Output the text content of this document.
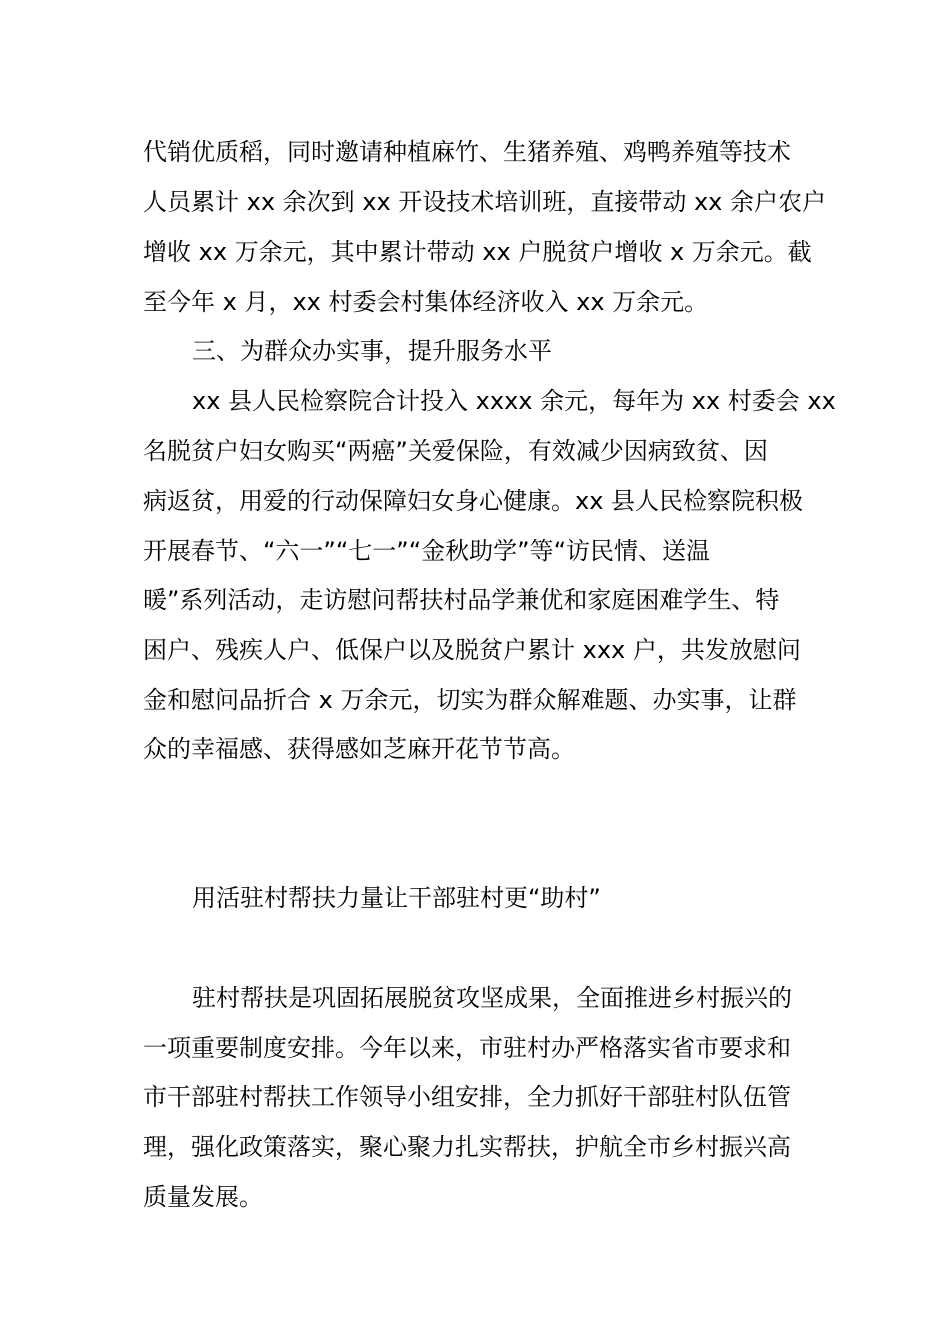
代销优质稻，同时邀请种植麻竹、生猪养殖、鸡鸭养殖等技术
人员累计 xx 余次到 xx 开设技术培训班，直接带动 xx 余户农户
增收 xx 万余元，其中累计带动 xx 户脱贫户增收 x 万余元。截
至今年 x 月，xx 村委会村集体经济收入 xx 万余元。
三、为群众办实事，提升服务水平
xx 县人民检察院合计投入 xxxx 余元，每年为 xx 村委会 xx
名脱贫户妇女购买“两癌”关爱保险，有效减少因病致贫、因
病返贫，用爱的行动保障妇女身心健康。xx 县人民检察院积极
开展春节、“六一”“七一”“金秋助学”等“访民情、送温
暖”系列活动，走访慰问帮扶村品学兼优和家庭困难学生、特
困户、残疾人户、低保户以及脱贫户累计 xxx 户，共发放慰问
金和慰问品折合 x 万余元，切实为群众解难题、办实事，让群
众的幸福感、获得感如芝麻开花节节高。
用活驻村帮扶力量让干部驻村更“助村”
驻村帮扶是巩固拓展脱贫攻坚成果，全面推进乡村振兴的
一项重要制度安排。今年以来，市驻村办严格落实省市要求和
市干部驻村帮扶工作领导小组安排，全力抓好干部驻村队伍管
理，强化政策落实，聚心聚力扎实帮扶，护航全市乡村振兴高
质量发展。
